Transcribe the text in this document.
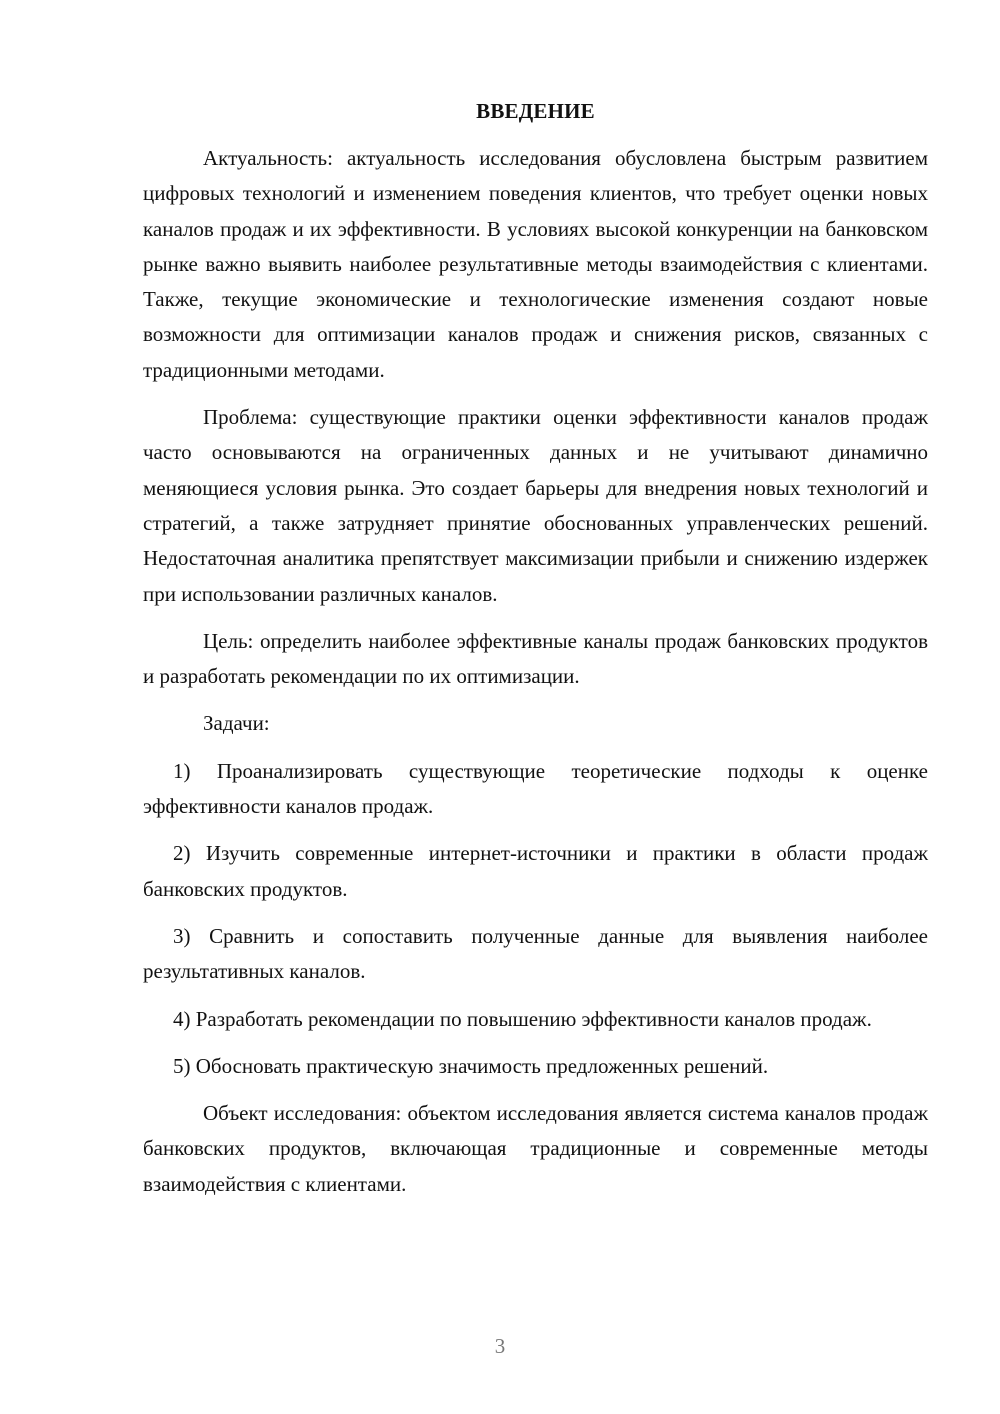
ВВЕДЕНИЕ

Актуальность: актуальность исследования обусловлена быстрым развитием цифровых технологий и изменением поведения клиентов, что требует оценки новых каналов продаж и их эффективности. В условиях высокой конкуренции на банковском рынке важно выявить наиболее результативные методы взаимодействия с клиентами. Также, текущие экономические и технологические изменения создают новые возможности для оптимизации каналов продаж и снижения рисков, связанных с традиционными методами.

Проблема: существующие практики оценки эффективности каналов продаж часто основываются на ограниченных данных и не учитывают динамично меняющиеся условия рынка. Это создает барьеры для внедрения новых технологий и стратегий, а также затрудняет принятие обоснованных управленческих решений. Недостаточная аналитика препятствует максимизации прибыли и снижению издержек при использовании различных каналов.

Цель: определить наиболее эффективные каналы продаж банковских продуктов и разработать рекомендации по их оптимизации.

Задачи:

1) Проанализировать существующие теоретические подходы к оценке эффективности каналов продаж.
2) Изучить современные интернет-источники и практики в области продаж банковских продуктов.
3) Сравнить и сопоставить полученные данные для выявления наиболее результативных каналов.
4) Разработать рекомендации по повышению эффективности каналов продаж.
5) Обосновать практическую значимость предложенных решений.

Объект исследования: объектом исследования является система каналов продаж банковских продуктов, включающая традиционные и современные методы взаимодействия с клиентами.

3
